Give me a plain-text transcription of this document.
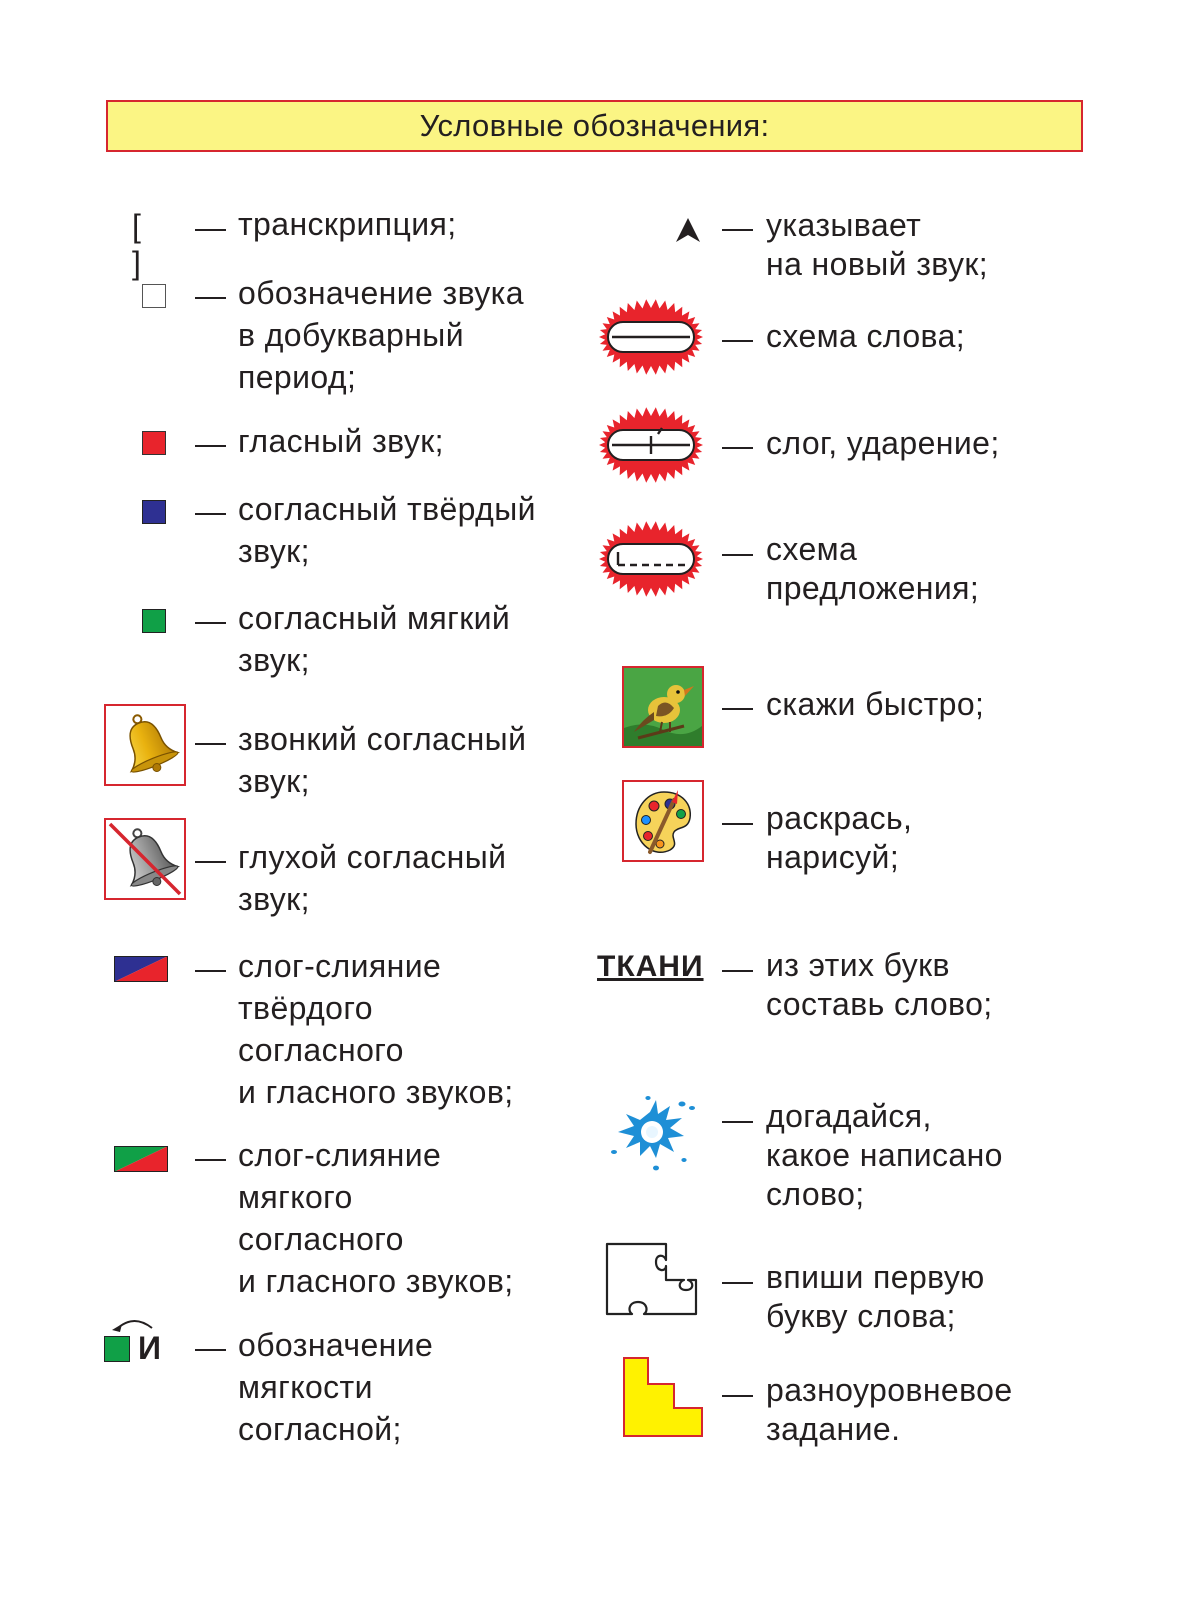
Условные обозначения:
[ ]
— транскрипция;
— обозначение звука
в добукварный
период;
— гласный звук;
— согласный твёрдый
звук;
— согласный мягкий
звук;
— звонкий согласный
звук;
— глухой согласный
звук;
— слог-слияние
твёрдого
согласного
и гласного звуков;
— слог-слияние
мягкого
согласного
и гласного звуков;
И — обозначение
мягкости
согласной;
— указывает
на новый звук;
— схема слова;
— слог, ударение;
— схема
предложения;
— скажи быстро;
— раскрась,
нарисуй;
ТКАНИ — из этих букв
составь слово;
— догадайся,
какое написано
слово;
— впиши первую
букву слова;
— разноуровневое
задание.
